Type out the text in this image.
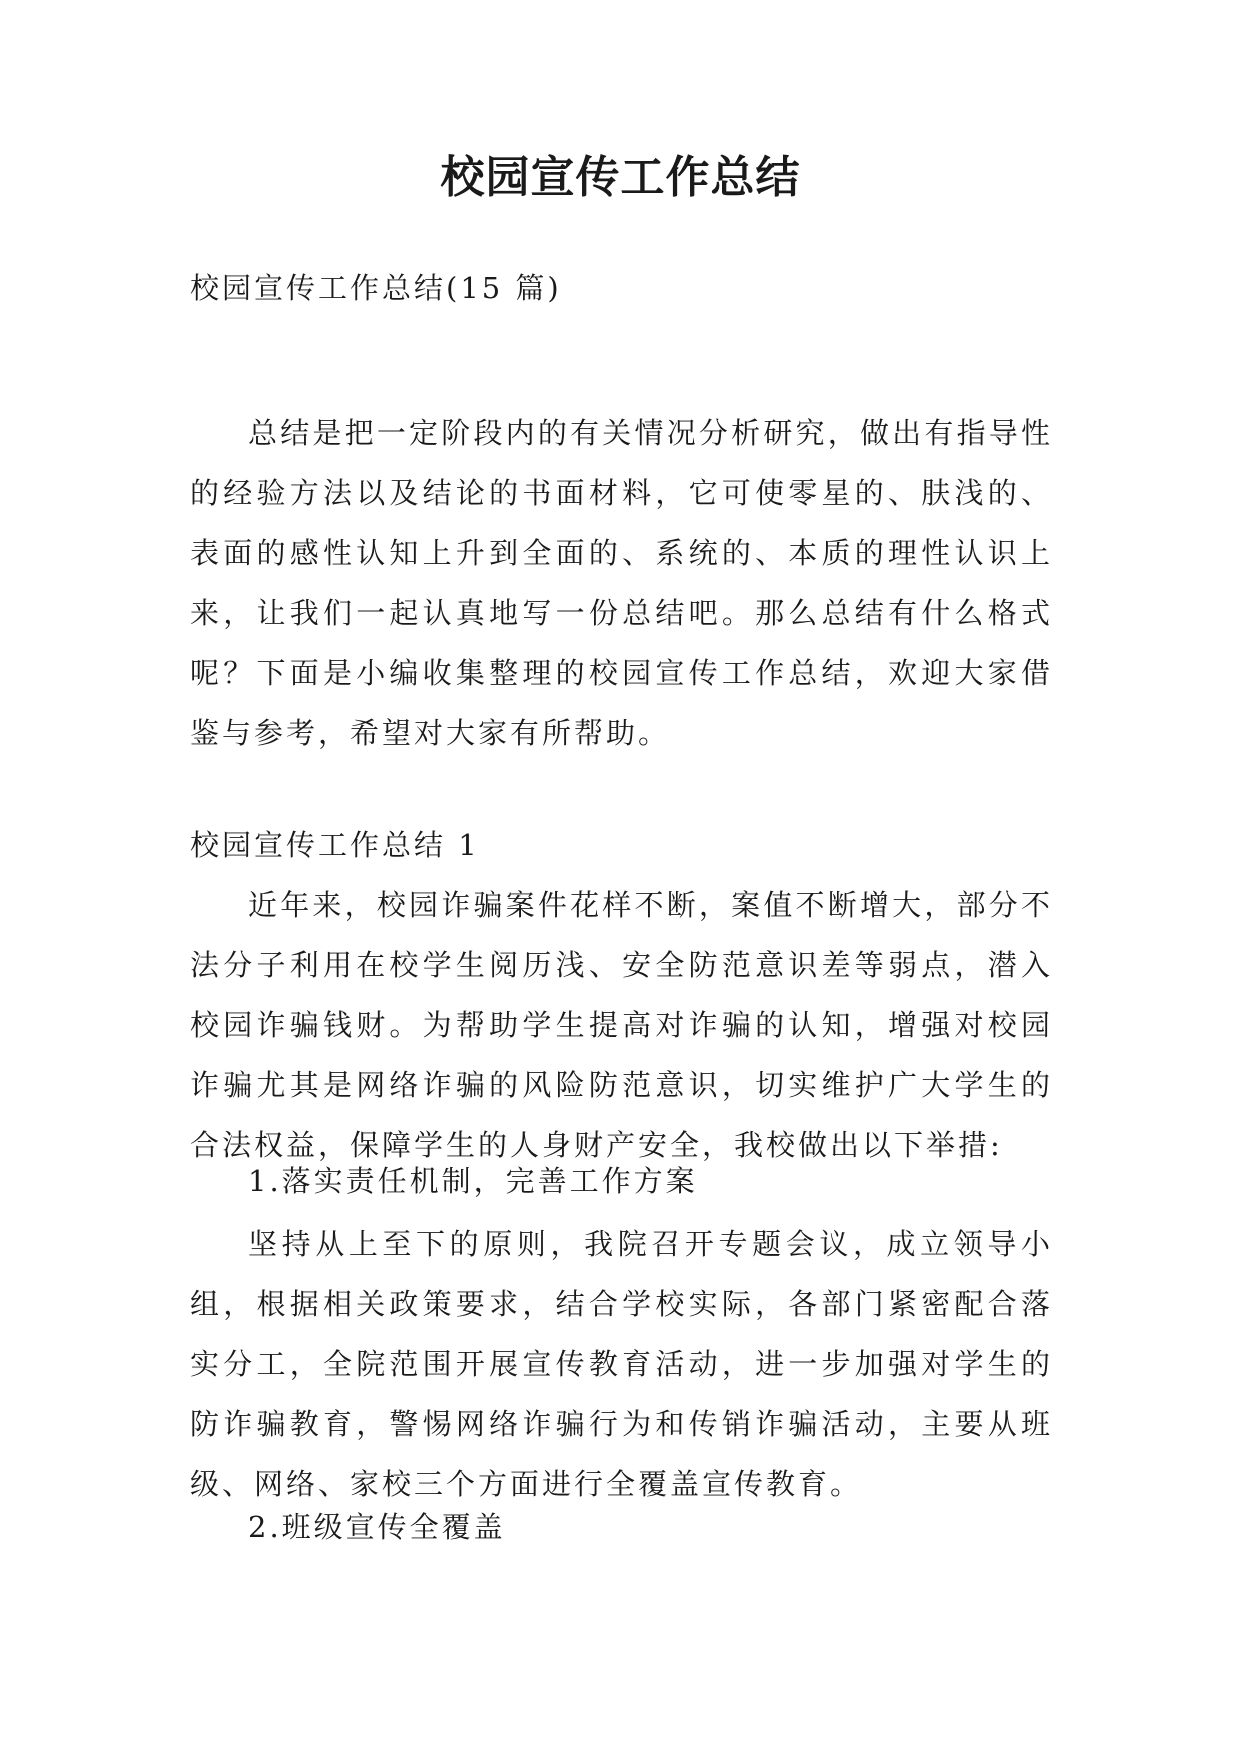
校园宣传工作总结

校园宣传工作总结(15 篇)

总结是把一定阶段内的有关情况分析研究，做出有指导性的经验方法以及结论的书面材料，它可使零星的、肤浅的、表面的感性认知上升到全面的、系统的、本质的理性认识上来，让我们一起认真地写一份总结吧。那么总结有什么格式呢？下面是小编收集整理的校园宣传工作总结，欢迎大家借鉴与参考，希望对大家有所帮助。

校园宣传工作总结 1

近年来，校园诈骗案件花样不断，案值不断增大，部分不法分子利用在校学生阅历浅、安全防范意识差等弱点，潜入校园诈骗钱财。为帮助学生提高对诈骗的认知，增强对校园诈骗尤其是网络诈骗的风险防范意识，切实维护广大学生的合法权益，保障学生的人身财产安全，我校做出以下举措:

1.落实责任机制，完善工作方案

坚持从上至下的原则，我院召开专题会议，成立领导小组，根据相关政策要求，结合学校实际，各部门紧密配合落实分工，全院范围开展宣传教育活动，进一步加强对学生的防诈骗教育，警惕网络诈骗行为和传销诈骗活动，主要从班级、网络、家校三个方面进行全覆盖宣传教育。

2.班级宣传全覆盖
